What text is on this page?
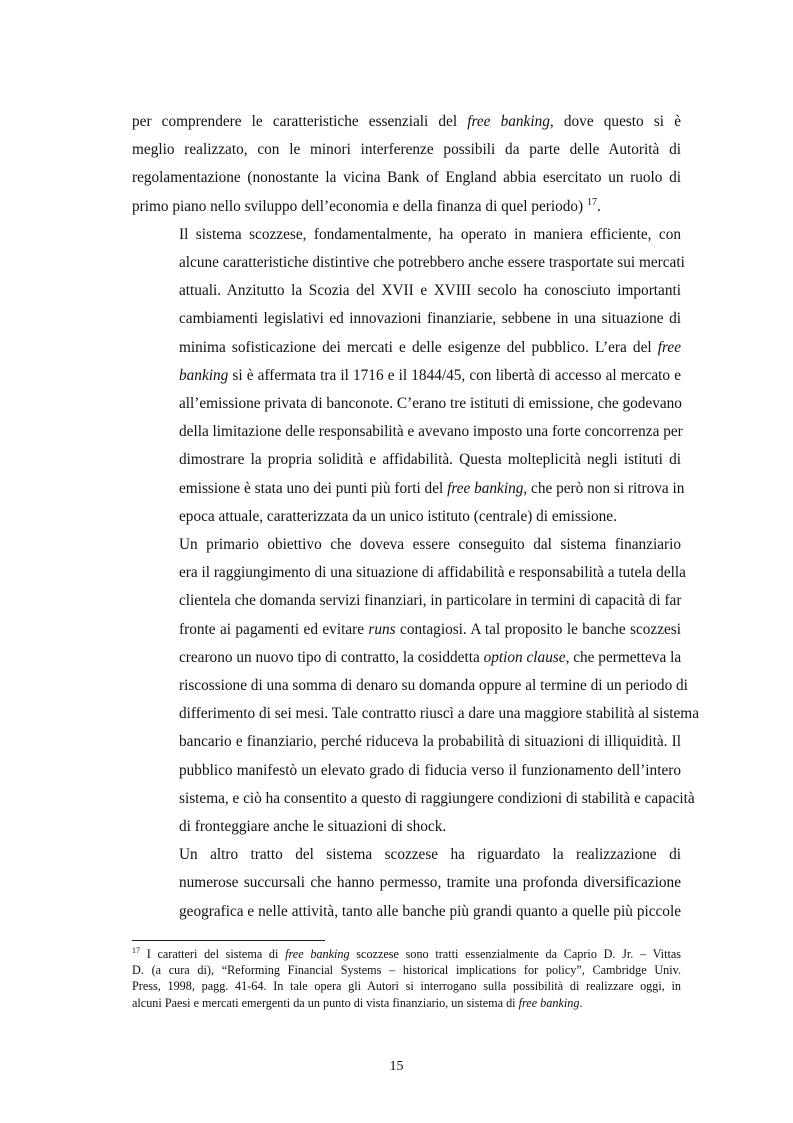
per comprendere le caratteristiche essenziali del free banking, dove questo si è
meglio realizzato, con le minori interferenze possibili da parte delle Autorità di
regolamentazione (nonostante la vicina Bank of England abbia esercitato un ruolo di
primo piano nello sviluppo dell’economia e della finanza di quel periodo) $^{17}$.

Il sistema scozzese, fondamentalmente, ha operato in maniera efficiente, con
alcune caratteristiche distintive che potrebbero anche essere trasportate sui mercati
attuali. Anzitutto la Scozia del XVII e XVIII secolo ha conosciuto importanti
cambiamenti legislativi ed innovazioni finanziarie, sebbene in una situazione di
minima sofisticazione dei mercati e delle esigenze del pubblico. L’era del free
banking si è affermata tra il 1716 e il 1844/45, con libertà di accesso al mercato e
all’emissione privata di banconote. C’erano tre istituti di emissione, che godevano
della limitazione delle responsabilità e avevano imposto una forte concorrenza per
dimostrare la propria solidità e affidabilità. Questa molteplicità negli istituti di
emissione è stata uno dei punti più forti del free banking, che però non si ritrova in
epoca attuale, caratterizzata da un unico istituto (centrale) di emissione.

Un primario obiettivo che doveva essere conseguito dal sistema finanziario
era il raggiungimento di una situazione di affidabilità e responsabilità a tutela della
clientela che domanda servizi finanziari, in particolare in termini di capacità di far
fronte ai pagamenti ed evitare runs contagiosi. A tal proposito le banche scozzesi
crearono un nuovo tipo di contratto, la cosiddetta option clause, che permetteva la
riscossione di una somma di denaro su domanda oppure al termine di un periodo di
differimento di sei mesi. Tale contratto riuscì a dare una maggiore stabilità al sistema
bancario e finanziario, perché riduceva la probabilità di situazioni di illiquidità. Il
pubblico manifestò un elevato grado di fiducia verso il funzionamento dell’intero
sistema, e ciò ha consentito a questo di raggiungere condizioni di stabilità e capacità
di fronteggiare anche le situazioni di shock.

Un altro tratto del sistema scozzese ha riguardato la realizzazione di
numerose succursali che hanno permesso, tramite una profonda diversificazione
geografica e nelle attività, tanto alle banche più grandi quanto a quelle più piccole

$^{17}$ I caratteri del sistema di free banking scozzese sono tratti essenzialmente da Caprio D. Jr. – Vittas
D. (a cura di), “Reforming Financial Systems – historical implications for policy”, Cambridge Univ.
Press, 1998, pagg. 41-64. In tale opera gli Autori si interrogano sulla possibilità di realizzare oggi, in
alcuni Paesi e mercati emergenti da un punto di vista finanziario, un sistema di free banking.

15
